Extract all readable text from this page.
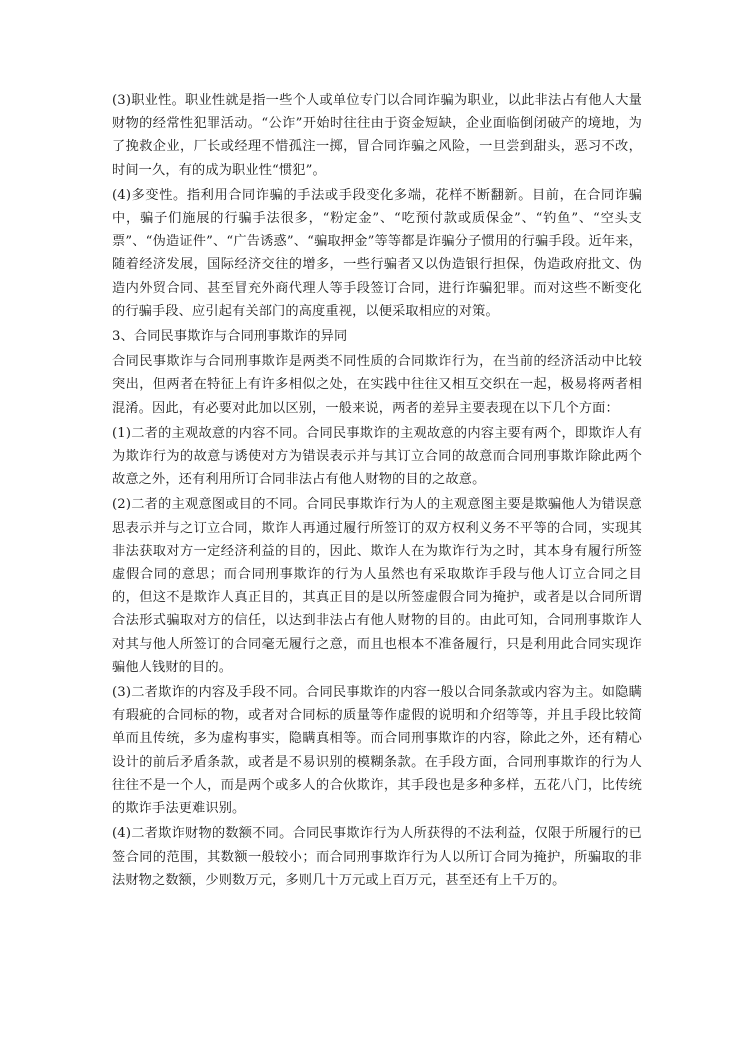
(3)职业性。职业性就是指一些个人或单位专门以合同诈骗为职业，以此非法占有他人大量财物的经常性犯罪活动。“公诈”开始时往往由于资金短缺，企业面临倒闭破产的境地，为了挽救企业，厂长或经理不惜孤注一掷，冒合同诈骗之风险，一旦尝到甜头，恶习不改，时间一久，有的成为职业性“惯犯”。

(4)多变性。指利用合同诈骗的手法或手段变化多端，花样不断翻新。目前，在合同诈骗中，骗子们施展的行骗手法很多，“粉定金”、“吃预付款或质保金”、“钓鱼”、“空头支票”、“伪造证件”、“广告诱惑”、“骗取押金”等等都是诈骗分子惯用的行骗手段。近年来，随着经济发展，国际经济交往的增多，一些行骗者又以伪造银行担保，伪造政府批文、伪造内外贸合同、甚至冒充外商代理人等手段签订合同，进行诈骗犯罪。而对这些不断变化的行骗手段、应引起有关部门的高度重视，以便采取相应的对策。

3、合同民事欺诈与合同刑事欺诈的异同

合同民事欺诈与合同刑事欺诈是两类不同性质的合同欺诈行为，在当前的经济活动中比较突出，但两者在特征上有许多相似之处，在实践中往往又相互交织在一起，极易将两者相混淆。因此，有必要对此加以区别，一般来说，两者的差异主要表现在以下几个方面：

(1)二者的主观故意的内容不同。合同民事欺诈的主观故意的内容主要有两个，即欺诈人有为欺诈行为的故意与诱使对方为错误表示并与其订立合同的故意而合同刑事欺诈除此两个故意之外，还有利用所订合同非法占有他人财物的目的之故意。

(2)二者的主观意图或目的不同。合同民事欺诈行为人的主观意图主要是欺骗他人为错误意思表示并与之订立合同，欺诈人再通过履行所签订的双方权利义务不平等的合同，实现其非法获取对方一定经济利益的目的，因此、欺诈人在为欺诈行为之时，其本身有履行所签虚假合同的意思；而合同刑事欺诈的行为人虽然也有采取欺诈手段与他人订立合同之目的，但这不是欺诈人真正目的，其真正目的是以所签虚假合同为掩护，或者是以合同所谓合法形式骗取对方的信任，以达到非法占有他人财物的目的。由此可知，合同刑事欺诈人对其与他人所签订的合同毫无履行之意，而且也根本不准备履行，只是利用此合同实现诈骗他人钱财的目的。

(3)二者欺诈的内容及手段不同。合同民事欺诈的内容一般以合同条款或内容为主。如隐瞒有瑕疵的合同标的物，或者对合同标的质量等作虚假的说明和介绍等等，并且手段比较简单而且传统，多为虚构事实，隐瞒真相等。而合同刑事欺诈的内容，除此之外，还有精心设计的前后矛盾条款，或者是不易识别的模糊条款。在手段方面，合同刑事欺诈的行为人往往不是一个人，而是两个或多人的合伙欺诈，其手段也是多种多样，五花八门，比传统的欺诈手法更难识别。

(4)二者欺诈财物的数额不同。合同民事欺诈行为人所获得的不法利益，仅限于所履行的已签合同的范围，其数额一般较小；而合同刑事欺诈行为人以所订合同为掩护，所骗取的非法财物之数额，少则数万元，多则几十万元或上百万元，甚至还有上千万的。
